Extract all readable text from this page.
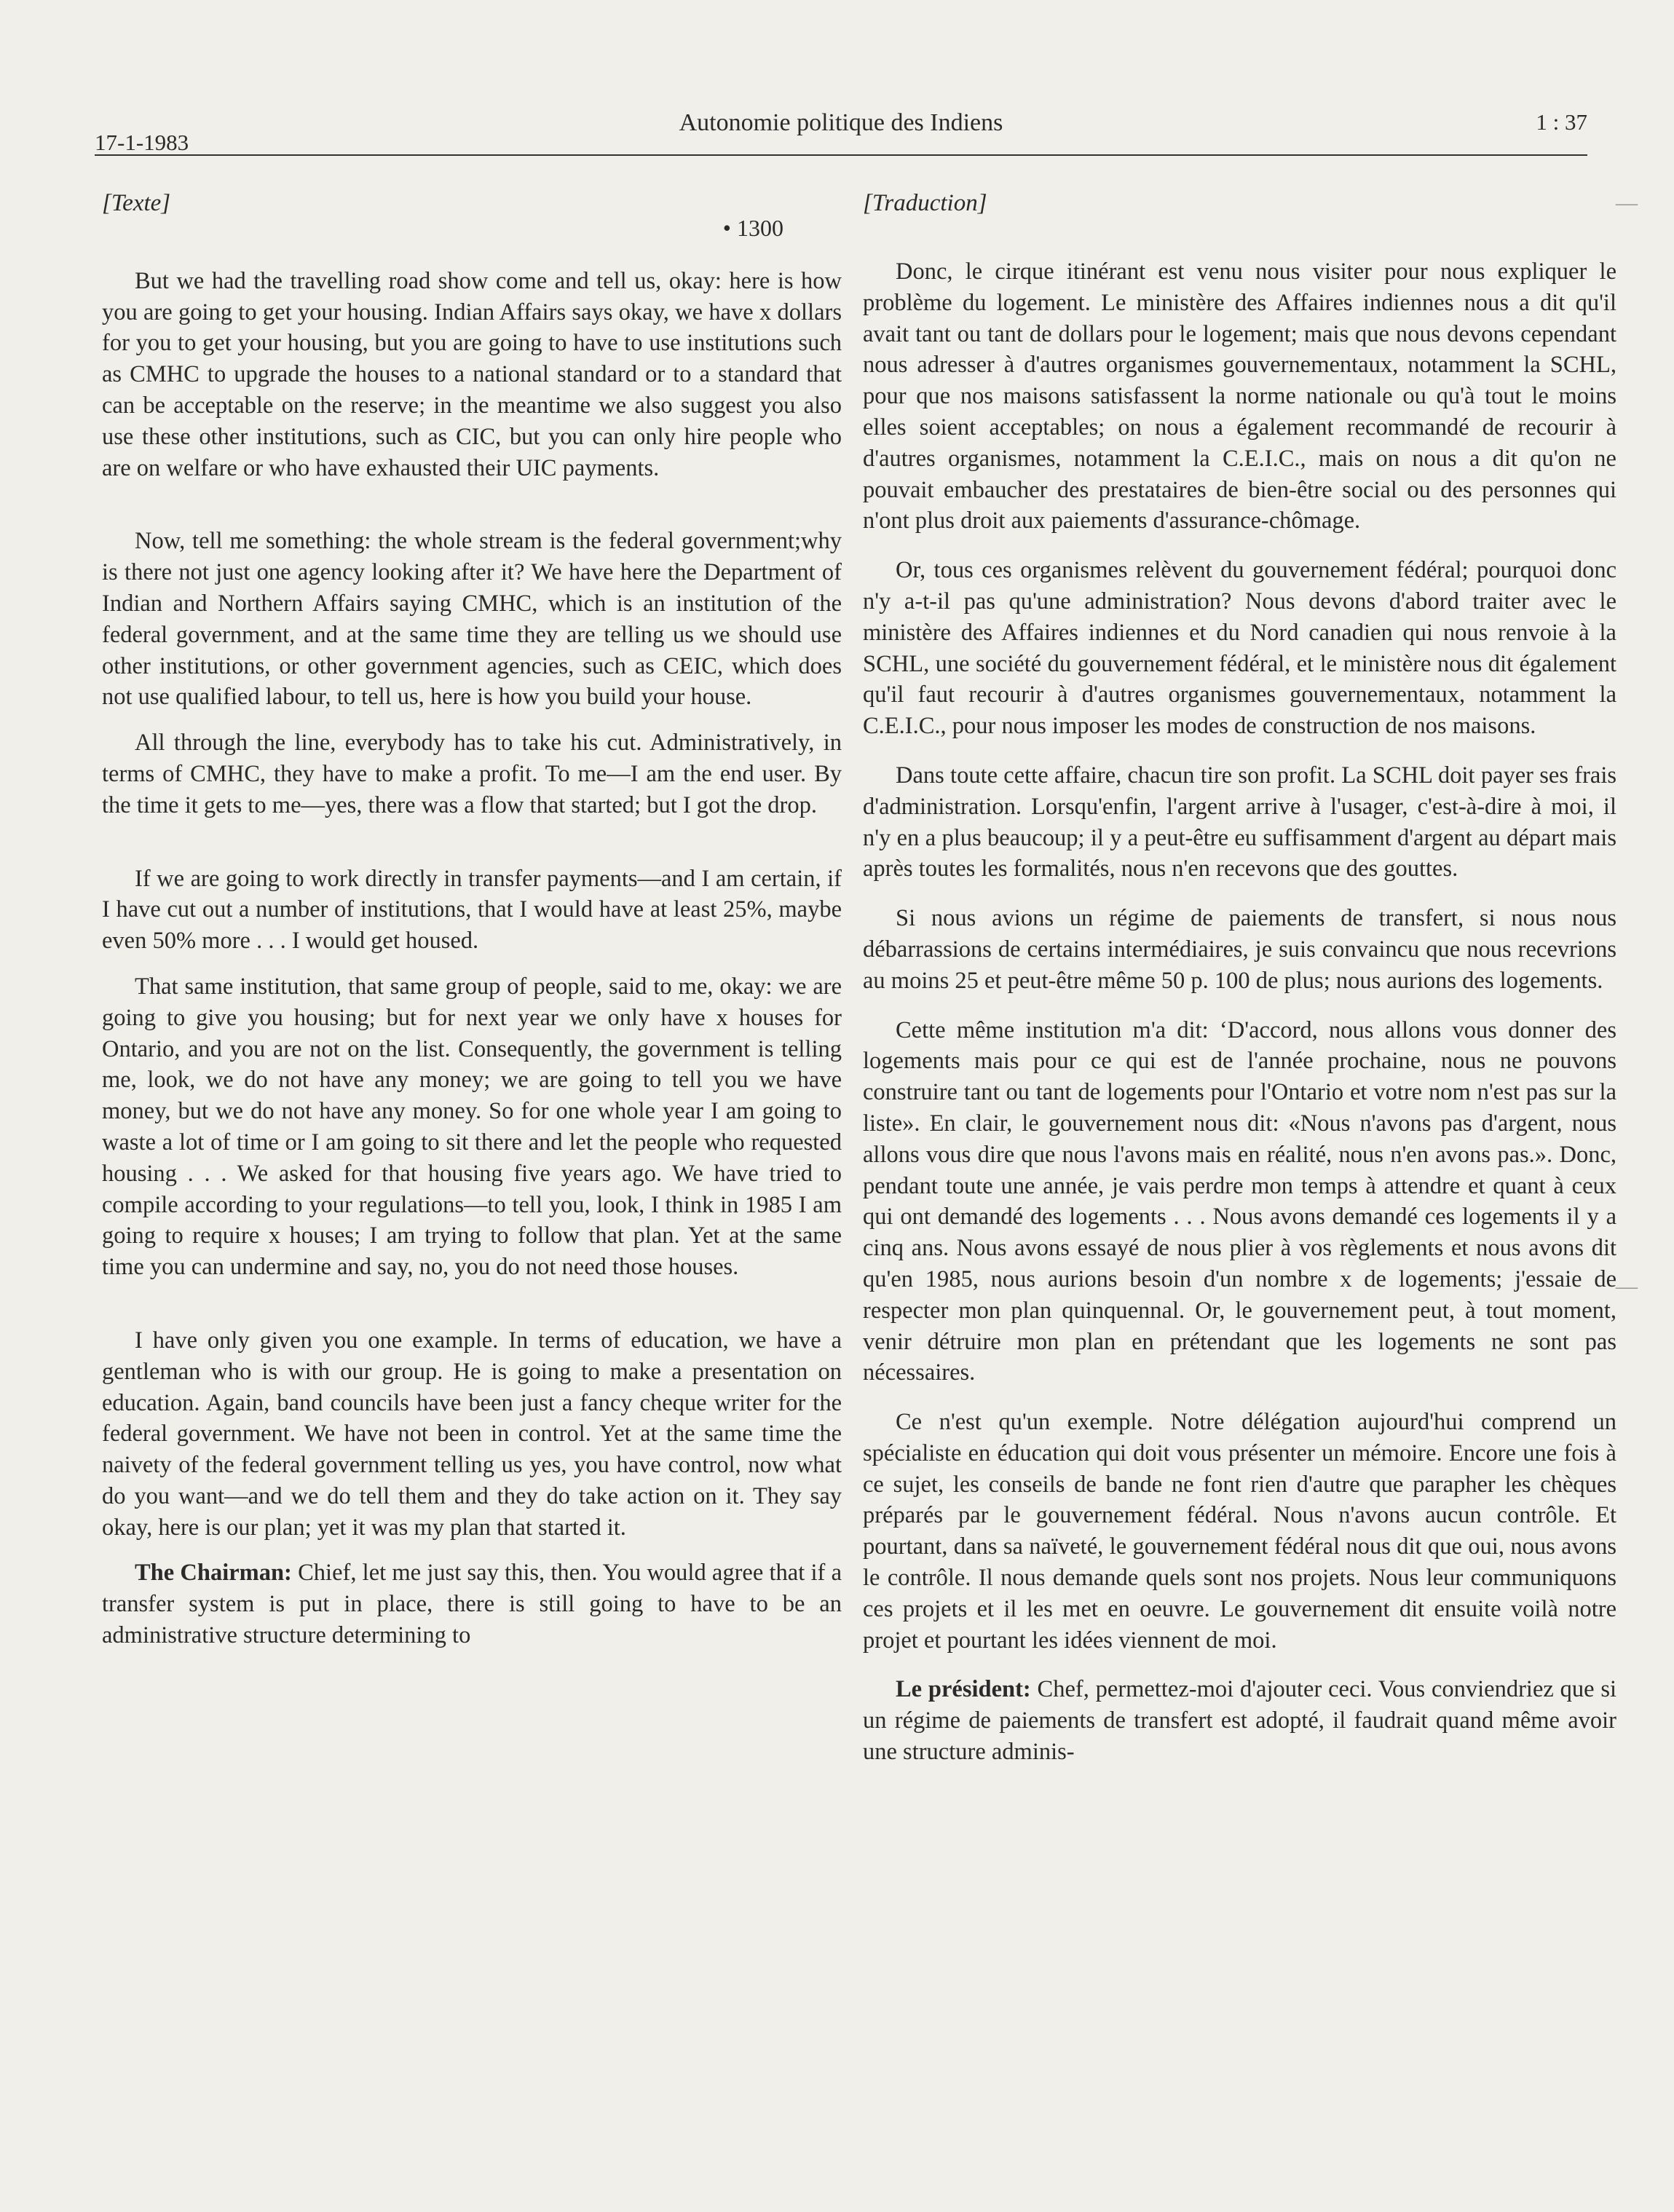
Autonomie politique des Indiens
17-1-1983
1 : 37
—
—
[Texte]
• 1300

But we had the travelling road show come and tell us, okay: here is how you are going to get your housing. Indian Affairs says okay, we have x dollars for you to get your housing, but you are going to have to use institutions such as CMHC to upgrade the houses to a national standard or to a standard that can be acceptable on the reserve; in the meantime we also suggest you also use these other institutions, such as CIC, but you can only hire people who are on welfare or who have exhausted their UIC payments.

Now, tell me something: the whole stream is the federal government;why is there not just one agency looking after it? We have here the Department of Indian and Northern Affairs saying CMHC, which is an institution of the federal government, and at the same time they are telling us we should use other institutions, or other government agencies, such as CEIC, which does not use qualified labour, to tell us, here is how you build your house.

All through the line, everybody has to take his cut. Administratively, in terms of CMHC, they have to make a profit. To me—I am the end user. By the time it gets to me—yes, there was a flow that started; but I got the drop.

If we are going to work directly in transfer payments—and I am certain, if I have cut out a number of institutions, that I would have at least 25%, maybe even 50% more . . . I would get housed.

That same institution, that same group of people, said to me, okay: we are going to give you housing; but for next year we only have x houses for Ontario, and you are not on the list. Consequently, the government is telling me, look, we do not have any money; we are going to tell you we have money, but we do not have any money. So for one whole year I am going to waste a lot of time or I am going to sit there and let the people who requested housing . . . We asked for that housing five years ago. We have tried to compile according to your regulations—to tell you, look, I think in 1985 I am going to require x houses; I am trying to follow that plan. Yet at the same time you can undermine and say, no, you do not need those houses.

I have only given you one example. In terms of education, we have a gentleman who is with our group. He is going to make a presentation on education. Again, band councils have been just a fancy cheque writer for the federal government. We have not been in control. Yet at the same time the naivety of the federal government telling us yes, you have control, now what do you want—and we do tell them and they do take action on it. They say okay, here is our plan; yet it was my plan that started it.

The Chairman: Chief, let me just say this, then. You would agree that if a transfer system is put in place, there is still going to have to be an administrative structure determining to

[Traduction]

Donc, le cirque itinérant est venu nous visiter pour nous expliquer le problème du logement. Le ministère des Affaires indiennes nous a dit qu'il avait tant ou tant de dollars pour le logement; mais que nous devons cependant nous adresser à d'autres organismes gouvernementaux, notamment la SCHL, pour que nos maisons satisfassent la norme nationale ou qu'à tout le moins elles soient acceptables; on nous a également recommandé de recourir à d'autres organismes, notamment la C.E.I.C., mais on nous a dit qu'on ne pouvait embaucher des prestataires de bien-être social ou des personnes qui n'ont plus droit aux paiements d'assurance-chômage.

Or, tous ces organismes relèvent du gouvernement fédéral; pourquoi donc n'y a-t-il pas qu'une administration? Nous devons d'abord traiter avec le ministère des Affaires indiennes et du Nord canadien qui nous renvoie à la SCHL, une société du gouvernement fédéral, et le ministère nous dit également qu'il faut recourir à d'autres organismes gouvernementaux, notamment la C.E.I.C., pour nous imposer les modes de construction de nos maisons.

Dans toute cette affaire, chacun tire son profit. La SCHL doit payer ses frais d'administration. Lorsqu'enfin, l'argent arrive à l'usager, c'est-à-dire à moi, il n'y en a plus beaucoup; il y a peut-être eu suffisamment d'argent au départ mais après toutes les formalités, nous n'en recevons que des gouttes.

Si nous avions un régime de paiements de transfert, si nous nous débarrassions de certains intermédiaires, je suis convaincu que nous recevrions au moins 25 et peut-être même 50 p. 100 de plus; nous aurions des logements.

Cette même institution m'a dit: ‘D'accord, nous allons vous donner des logements mais pour ce qui est de l'année prochaine, nous ne pouvons construire tant ou tant de logements pour l'Ontario et votre nom n'est pas sur la liste». En clair, le gouvernement nous dit: «Nous n'avons pas d'argent, nous allons vous dire que nous l'avons mais en réalité, nous n'en avons pas.». Donc, pendant toute une année, je vais perdre mon temps à attendre et quant à ceux qui ont demandé des logements . . . Nous avons demandé ces logements il y a cinq ans. Nous avons essayé de nous plier à vos règlements et nous avons dit qu'en 1985, nous aurions besoin d'un nombre x de logements; j'essaie de respecter mon plan quinquennal. Or, le gouvernement peut, à tout moment, venir détruire mon plan en prétendant que les logements ne sont pas nécessaires.

Ce n'est qu'un exemple. Notre délégation aujourd'hui comprend un spécialiste en éducation qui doit vous présenter un mémoire. Encore une fois à ce sujet, les conseils de bande ne font rien d'autre que parapher les chèques préparés par le gouvernement fédéral. Nous n'avons aucun contrôle. Et pourtant, dans sa naïveté, le gouvernement fédéral nous dit que oui, nous avons le contrôle. Il nous demande quels sont nos projets. Nous leur communiquons ces projets et il les met en oeuvre. Le gouvernement dit ensuite voilà notre projet et pourtant les idées viennent de moi.

Le président: Chef, permettez-moi d'ajouter ceci. Vous conviendriez que si un régime de paiements de transfert est adopté, il faudrait quand même avoir une structure adminis-
